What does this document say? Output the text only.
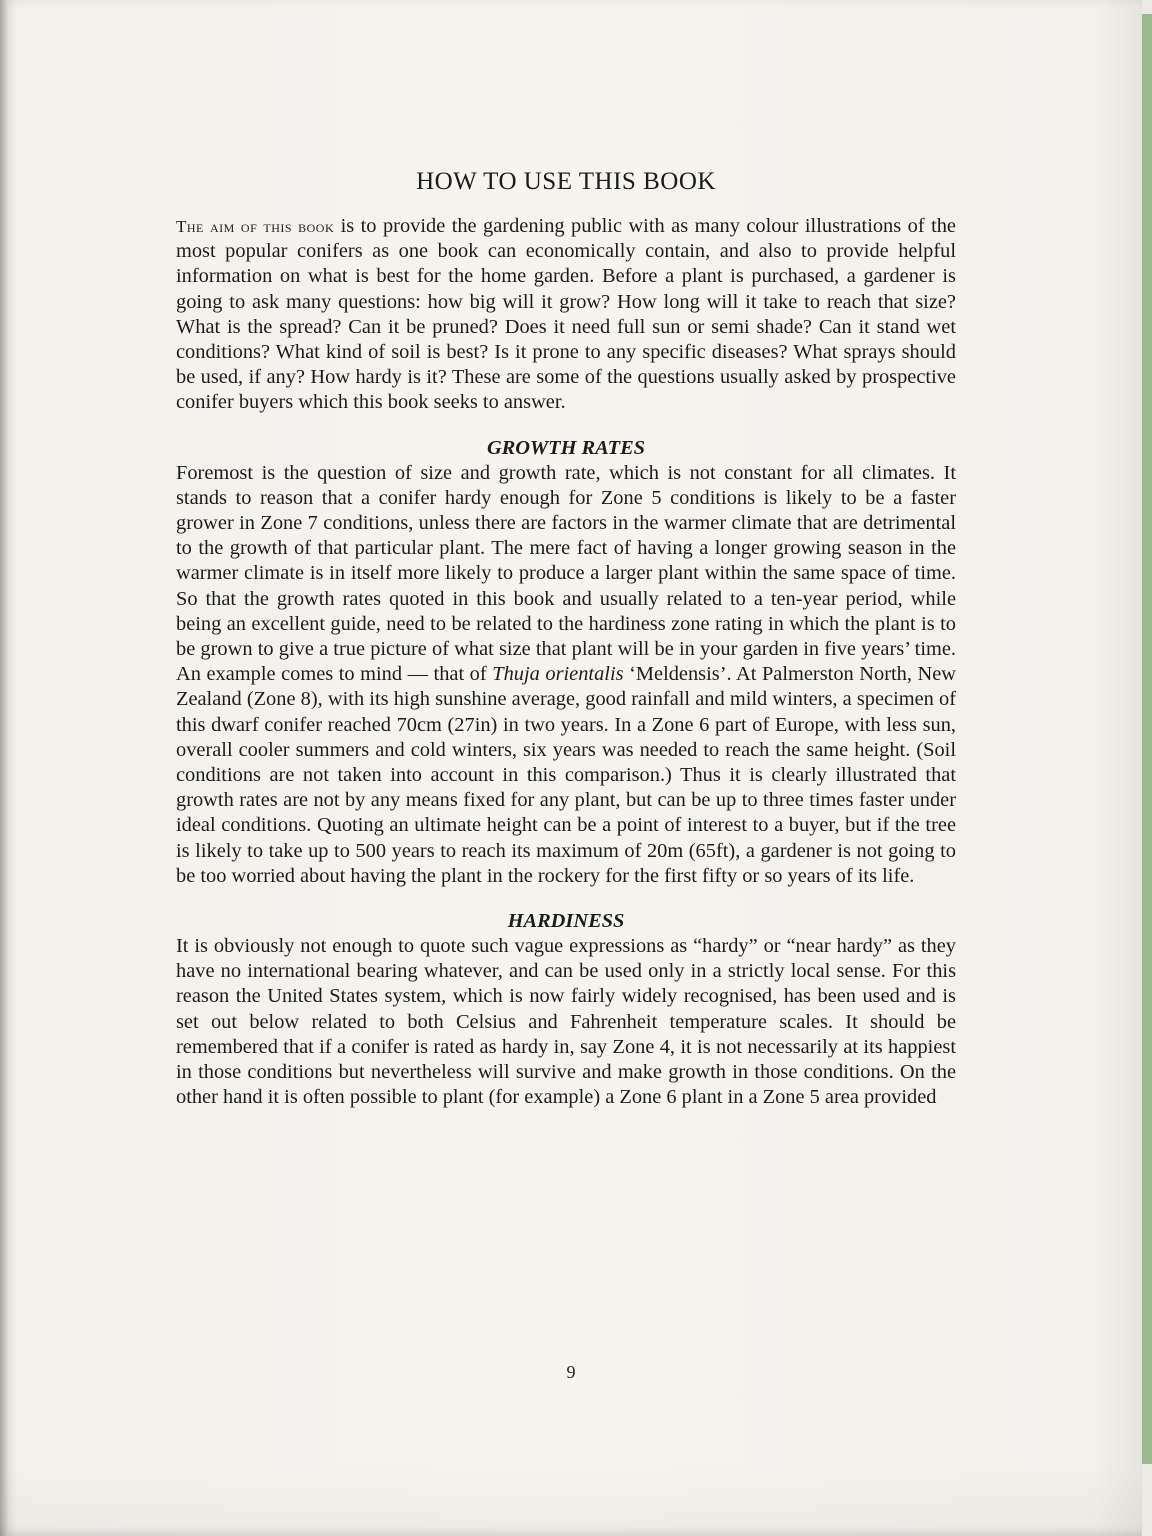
HOW TO USE THIS BOOK

The aim of this book is to provide the gardening public with as many colour illustrations of the most popular conifers as one book can economically contain, and also to provide helpful information on what is best for the home garden. Before a plant is purchased, a gardener is going to ask many questions: how big will it grow? How long will it take to reach that size? What is the spread? Can it be pruned? Does it need full sun or semi shade? Can it stand wet conditions? What kind of soil is best? Is it prone to any specific diseases? What sprays should be used, if any? How hardy is it? These are some of the questions usually asked by prospective conifer buyers which this book seeks to answer.

GROWTH RATES

Foremost is the question of size and growth rate, which is not constant for all climates. It stands to reason that a conifer hardy enough for Zone 5 conditions is likely to be a faster grower in Zone 7 conditions, unless there are factors in the warmer climate that are detrimental to the growth of that particular plant. The mere fact of having a longer growing season in the warmer climate is in itself more likely to produce a larger plant within the same space of time. So that the growth rates quoted in this book and usually related to a ten-year period, while being an excellent guide, need to be related to the hardiness zone rating in which the plant is to be grown to give a true picture of what size that plant will be in your garden in five years’ time. An example comes to mind — that of Thuja orientalis ‘Meldensis’. At Palmerston North, New Zealand (Zone 8), with its high sunshine average, good rainfall and mild winters, a specimen of this dwarf conifer reached 70cm (27in) in two years. In a Zone 6 part of Europe, with less sun, overall cooler summers and cold winters, six years was needed to reach the same height. (Soil conditions are not taken into account in this comparison.) Thus it is clearly illustrated that growth rates are not by any means fixed for any plant, but can be up to three times faster under ideal conditions. Quoting an ultimate height can be a point of interest to a buyer, but if the tree is likely to take up to 500 years to reach its maximum of 20m (65ft), a gardener is not going to be too worried about having the plant in the rockery for the first fifty or so years of its life.

HARDINESS

It is obviously not enough to quote such vague expressions as “hardy” or “near hardy” as they have no international bearing whatever, and can be used only in a strictly local sense. For this reason the United States system, which is now fairly widely recognised, has been used and is set out below related to both Celsius and Fahrenheit temperature scales. It should be remembered that if a conifer is rated as hardy in, say Zone 4, it is not necessarily at its happiest in those conditions but nevertheless will survive and make growth in those conditions. On the other hand it is often possible to plant (for example) a Zone 6 plant in a Zone 5 area provided

9
